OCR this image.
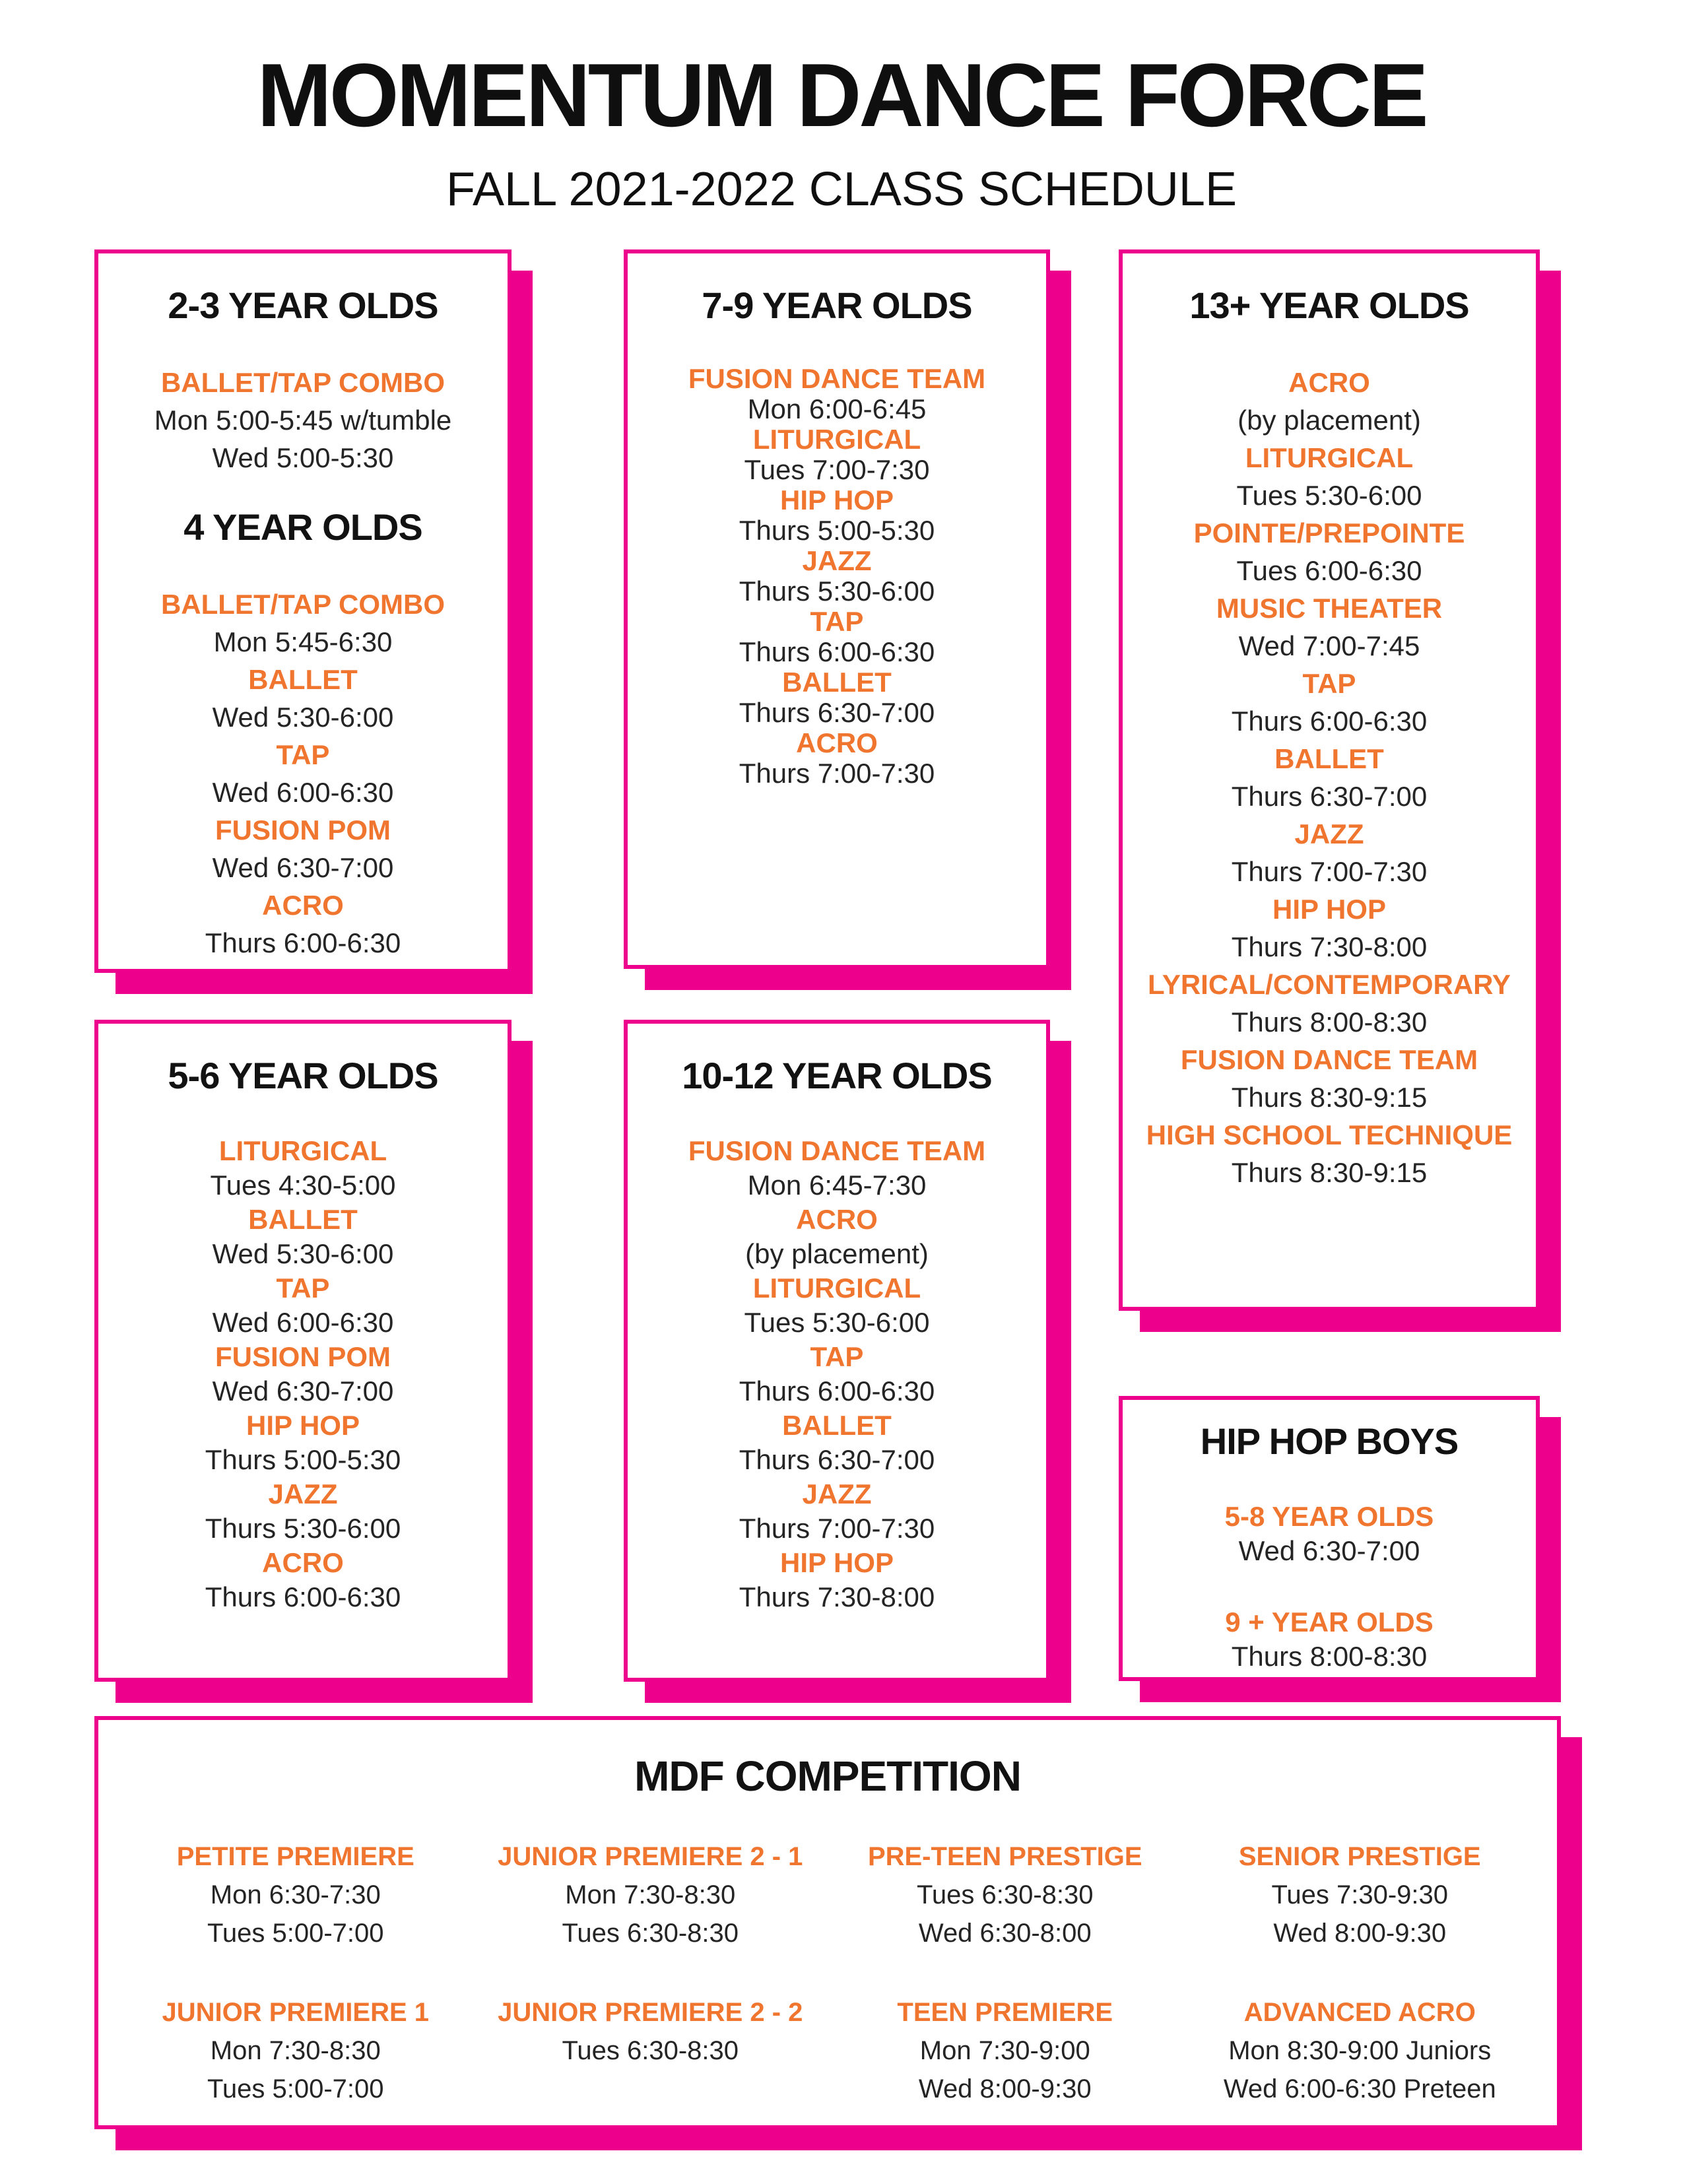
MOMENTUM DANCE FORCE
FALL 2021-2022 CLASS SCHEDULE
2-3 YEAR OLDS
BALLET/TAP COMBO
Mon 5:00-5:45 w/tumble
Wed 5:00-5:30
4 YEAR OLDS
BALLET/TAP COMBO
Mon 5:45-6:30
BALLET
Wed 5:30-6:00
TAP
Wed 6:00-6:30
FUSION POM
Wed 6:30-7:00
ACRO
Thurs 6:00-6:30
7-9 YEAR OLDS
FUSION DANCE TEAM
Mon 6:00-6:45
LITURGICAL
Tues 7:00-7:30
HIP HOP
Thurs 5:00-5:30
JAZZ
Thurs 5:30-6:00
TAP
Thurs 6:00-6:30
BALLET
Thurs 6:30-7:00
ACRO
Thurs 7:00-7:30
13+ YEAR OLDS
ACRO
(by placement)
LITURGICAL
Tues 5:30-6:00
POINTE/PREPOINTE
Tues 6:00-6:30
MUSIC THEATER
Wed 7:00-7:45
TAP
Thurs 6:00-6:30
BALLET
Thurs 6:30-7:00
JAZZ
Thurs 7:00-7:30
HIP HOP
Thurs 7:30-8:00
LYRICAL/CONTEMPORARY
Thurs 8:00-8:30
FUSION DANCE TEAM
Thurs 8:30-9:15
HIGH SCHOOL TECHNIQUE
Thurs 8:30-9:15
5-6 YEAR OLDS
LITURGICAL
Tues 4:30-5:00
BALLET
Wed 5:30-6:00
TAP
Wed 6:00-6:30
FUSION POM
Wed 6:30-7:00
HIP HOP
Thurs 5:00-5:30
JAZZ
Thurs 5:30-6:00
ACRO
Thurs 6:00-6:30
10-12 YEAR OLDS
FUSION DANCE TEAM
Mon 6:45-7:30
ACRO
(by placement)
LITURGICAL
Tues 5:30-6:00
TAP
Thurs 6:00-6:30
BALLET
Thurs 6:30-7:00
JAZZ
Thurs 7:00-7:30
HIP HOP
Thurs 7:30-8:00
HIP HOP BOYS
5-8 YEAR OLDS
Wed 6:30-7:00
9 + YEAR OLDS
Thurs 8:00-8:30
MDF COMPETITION
PETITE PREMIERE
Mon 6:30-7:30
Tues 5:00-7:00
JUNIOR PREMIERE 2 - 1
Mon 7:30-8:30
Tues 6:30-8:30
PRE-TEEN PRESTIGE
Tues 6:30-8:30
Wed 6:30-8:00
SENIOR PRESTIGE
Tues 7:30-9:30
Wed 8:00-9:30
JUNIOR PREMIERE 1
Mon 7:30-8:30
Tues 5:00-7:00
JUNIOR PREMIERE 2 - 2
Tues 6:30-8:30
TEEN PREMIERE
Mon 7:30-9:00
Wed 8:00-9:30
ADVANCED ACRO
Mon 8:30-9:00 Juniors
Wed 6:00-6:30 Preteen
